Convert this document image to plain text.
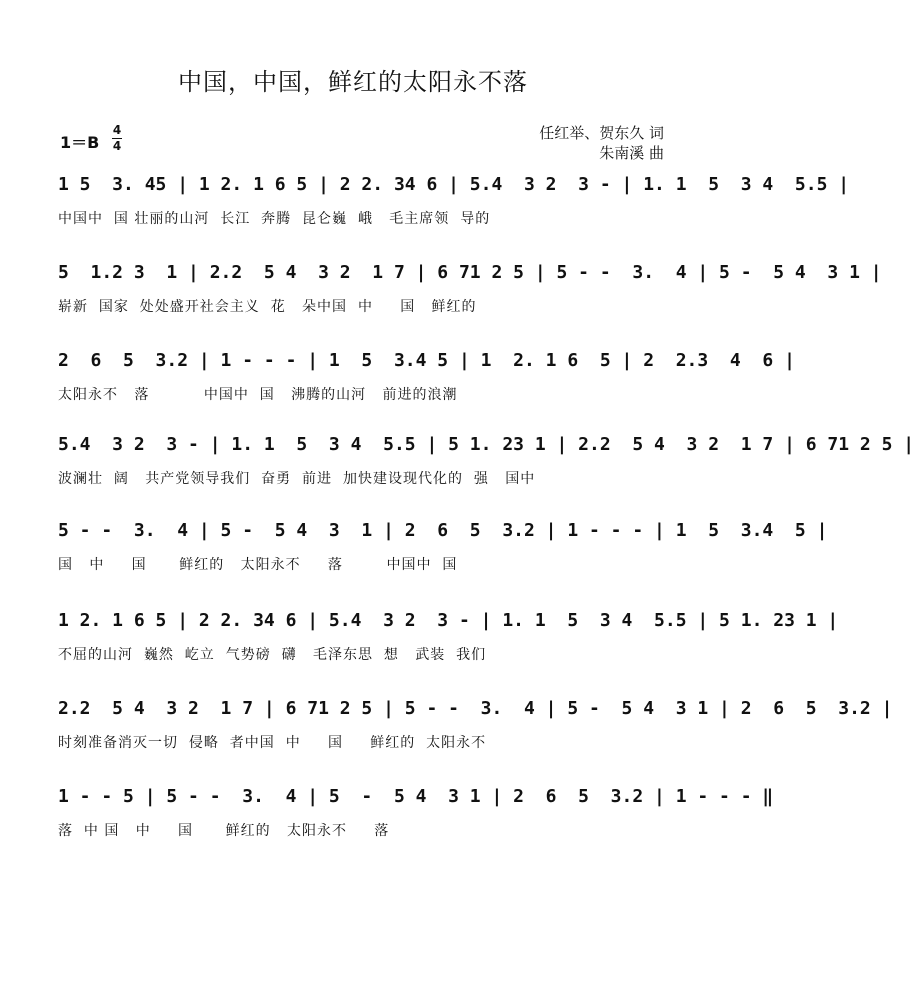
中国，中国，鲜红的太阳永不落
1＝B
4
4
任红举、贺东久 词
朱南溪 曲
1 5  3. 45 | 1 2. 1 6 5 | 2 2. 34 6 | 5.4  3 2  3 - | 1. 1  5  3 4  5.5 |
中国中  国 壮丽的山河  长江  奔腾  昆仑巍  峨   毛主席领  导的
5  1.2 3  1 | 2.2  5 4  3 2  1 7 | 6 71 2 5 | 5 - -  3.  4 | 5 -  5 4  3 1 |
崭新  国家  处处盛开社会主义  花   朵中国  中     国   鲜红的
2  6  5  3.2 | 1 - - - | 1  5  3.4 5 | 1  2. 1 6  5 | 2  2.3  4  6 |
太阳永不   落          中国中  国   沸腾的山河   前进的浪潮
5.4  3 2  3 - | 1. 1  5  3 4  5.5 | 5 1. 23 1 | 2.2  5 4  3 2  1 7 | 6 71 2 5 |
波澜壮  阔   共产党领导我们  奋勇  前进  加快建设现代化的  强   国中
5 - -  3.  4 | 5 -  5 4  3  1 | 2  6  5  3.2 | 1 - - - | 1  5  3.4  5 |
国   中     国      鲜红的   太阳永不     落        中国中  国
1 2. 1 6 5 | 2 2. 34 6 | 5.4  3 2  3 - | 1. 1  5  3 4  5.5 | 5 1. 23 1 |
不屈的山河  巍然  屹立  气势磅  礴   毛泽东思  想   武装  我们
2.2  5 4  3 2  1 7 | 6 71 2 5 | 5 - -  3.  4 | 5 -  5 4  3 1 | 2  6  5  3.2 |
时刻准备消灭一切  侵略  者中国  中     国     鲜红的  太阳永不
1 - - 5 | 5 - -  3.  4 | 5  -  5 4  3 1 | 2  6  5  3.2 | 1 - - - ‖
落  中 国   中     国      鲜红的   太阳永不     落
